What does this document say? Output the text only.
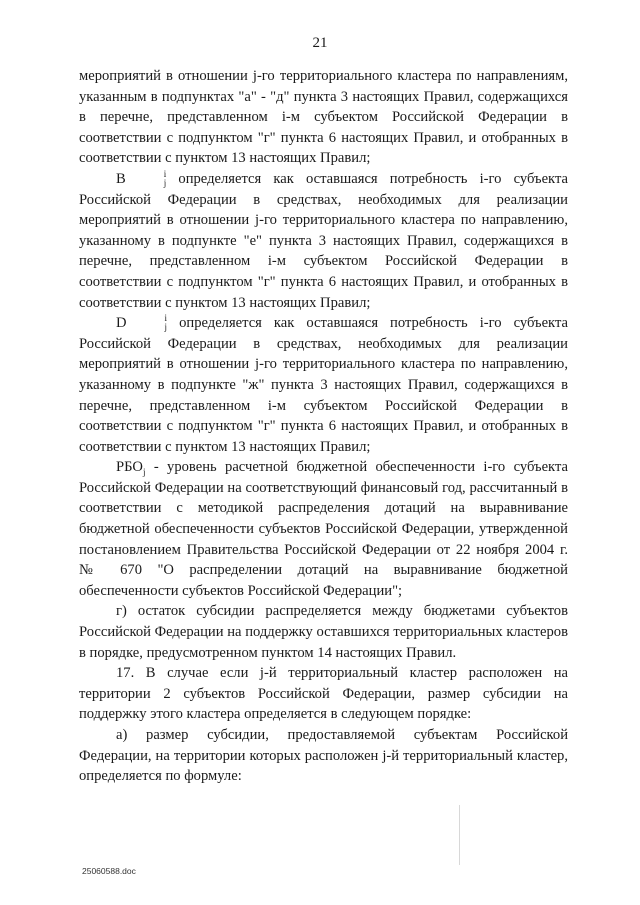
21

мероприятий в отношении j-го территориального кластера по направлениям, указанным в подпунктах "а" - "д" пункта 3 настоящих Правил, содержащихся в перечне, представленном i-м субъектом Российской Федерации в соответствии с подпунктом "г" пункта 6 настоящих Правил, и отобранных в соответствии с пунктом 13 настоящих Правил;

B	i
j определяется как оставшаяся потребность i-го субъекта Российской Федерации в средствах, необходимых для реализации мероприятий в отношении j-го территориального кластера по направлению, указанному в подпункте "е" пункта 3 настоящих Правил, содержащихся в перечне, представленном i-м субъектом Российской Федерации в соответствии с подпунктом "г" пункта 6 настоящих Правил, и отобранных в соответствии с пунктом 13 настоящих Правил;

D	i
j определяется как оставшаяся потребность i-го субъекта Российской Федерации в средствах, необходимых для реализации мероприятий в отношении j-го территориального кластера по направлению, указанному в подпункте "ж" пункта 3 настоящих Правил, содержащихся в перечне, представленном i-м субъектом Российской Федерации в соответствии с подпунктом "г" пункта 6 настоящих Правил, и отобранных в соответствии с пунктом 13 настоящих Правил;

$РБО_j$ - уровень расчетной бюджетной обеспеченности i-го субъекта Российской Федерации на соответствующий финансовый год, рассчитанный в соответствии с методикой распределения дотаций на выравнивание бюджетной обеспеченности субъектов Российской Федерации, утвержденной постановлением Правительства Российской Федерации от 22 ноября 2004 г. № 670 "О распределении дотаций на выравнивание бюджетной обеспеченности субъектов Российской Федерации";

г) остаток субсидии распределяется между бюджетами субъектов Российской Федерации на поддержку оставшихся территориальных кластеров в порядке, предусмотренном пунктом 14 настоящих Правил.

17. В случае если j-й территориальный кластер расположен на территории 2 субъектов Российской Федерации, размер субсидии на поддержку этого кластера определяется в следующем порядке:

а) размер субсидии, предоставляемой субъектам Российской Федерации, на территории которых расположен j-й территориальный кластер, определяется по формуле:

25060588.doc
